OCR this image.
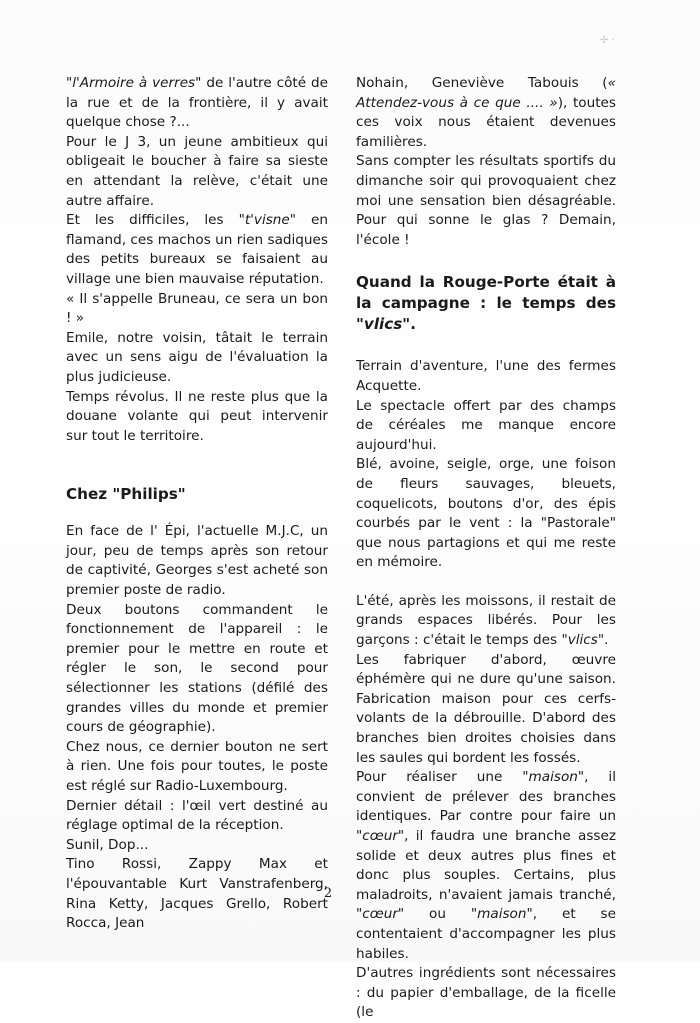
✢ ·

"l'Armoire à verres" de l'autre côté de la rue et de la frontière, il y avait quelque chose ?...

Pour le J 3, un jeune ambitieux qui obligeait le boucher à faire sa sieste en attendant la relève, c'était une autre affaire.

Et les difficiles, les "t'visne" en flamand, ces machos un rien sadiques des petits bureaux se faisaient au village une bien mauvaise réputation.

« Il s'appelle Bruneau, ce sera un bon ! »

Emile, notre voisin, tâtait le terrain avec un sens aigu de l'évaluation la plus judicieuse.

Temps révolus. Il ne reste plus que la douane volante qui peut intervenir sur tout le territoire.

Chez "Philips"

En face de l' Épi, l'actuelle M.J.C, un jour, peu de temps après son retour de captivité, Georges s'est acheté son premier poste de radio.

Deux boutons commandent le fonctionnement de l'appareil : le premier pour le mettre en route et régler le son, le second pour sélectionner les stations (défilé des grandes villes du monde et premier cours de géographie).

Chez nous, ce dernier bouton ne sert à rien. Une fois pour toutes, le poste est réglé sur Radio-Luxembourg.

Dernier détail : l'œil vert destiné au réglage optimal de la réception.

Sunil, Dop...

Tino Rossi, Zappy Max et l'épouvantable Kurt Vanstrafenberg, Rina Ketty, Jacques Grello, Robert Rocca, Jean

Nohain, Geneviève Tabouis (« Attendez-vous à ce que .... »), toutes ces voix nous étaient devenues familières.

Sans compter les résultats sportifs du dimanche soir qui provoquaient chez moi une sensation bien désagréable. Pour qui sonne le glas ? Demain, l'école !

Quand la Rouge-Porte était à la campagne : le temps des "vlics".

Terrain d'aventure, l'une des fermes Acquette.

Le spectacle offert par des champs de céréales me manque encore aujourd'hui.

Blé, avoine, seigle, orge, une foison de fleurs sauvages, bleuets, coquelicots, boutons d'or, des épis courbés par le vent : la "Pastorale" que nous partagions et qui me reste en mémoire.

L'été, après les moissons, il restait de grands espaces libérés. Pour les garçons : c'était le temps des "vlics".

Les fabriquer d'abord, œuvre éphémère qui ne dure qu'une saison. Fabrication maison pour ces cerfs-volants de la débrouille. D'abord des branches bien droites choisies dans les saules qui bordent les fossés.

Pour réaliser une "maison", il convient de prélever des branches identiques. Par contre pour faire un "cœur", il faudra une branche assez solide et deux autres plus fines et donc plus souples. Certains, plus maladroits, n'avaient jamais tranché, "cœur" ou "maison", et se contentaient d'accompagner les plus habiles.

D'autres ingrédients sont nécessaires : du papier d'emballage, de la ficelle (le

2
